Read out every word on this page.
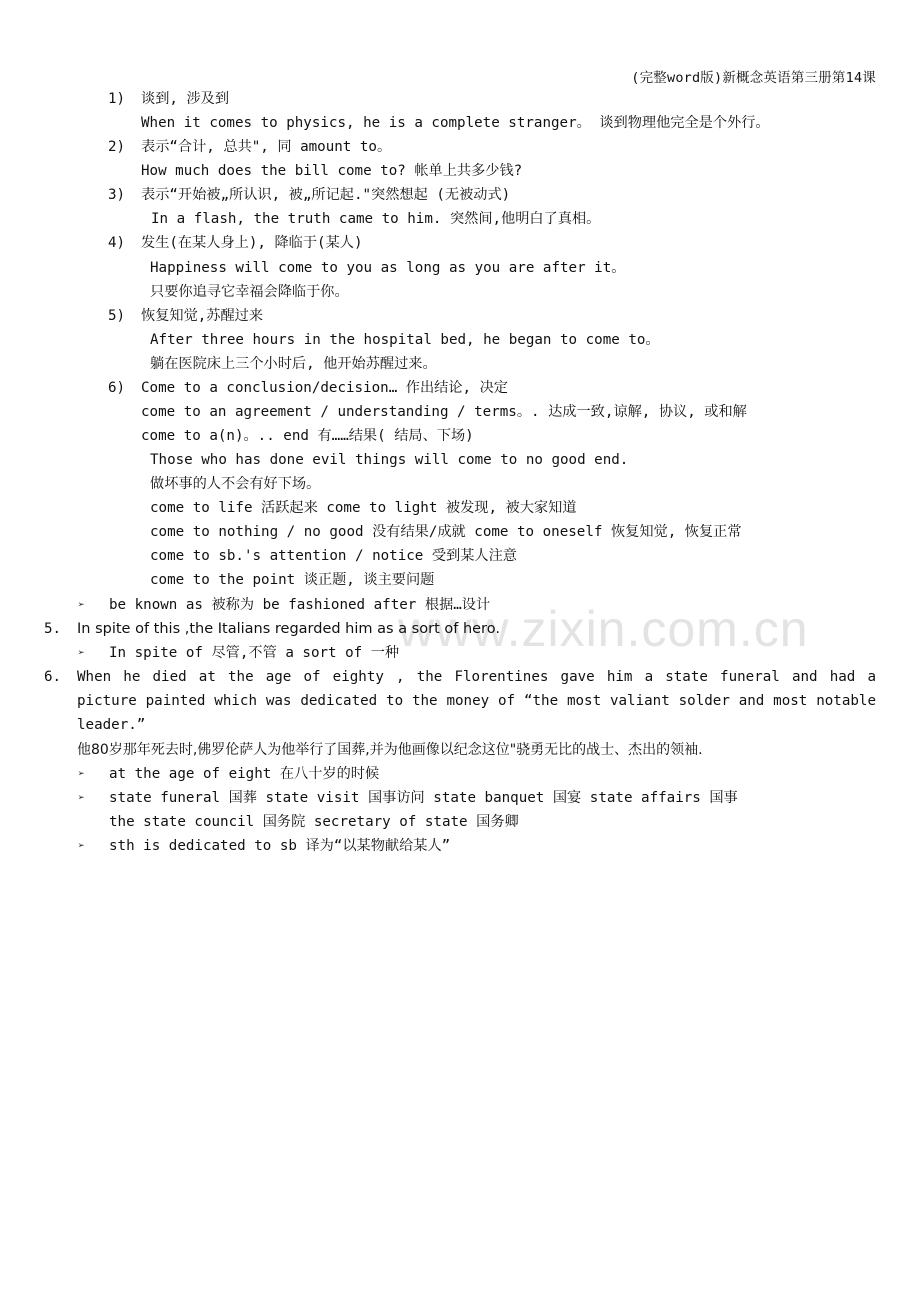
www.zixin.com.cn
(完整word版)新概念英语第三册第14课
1) 谈到, 涉及到
When it comes to physics, he is a complete stranger。 谈到物理他完全是个外行。
2) 表示“合计, 总共", 同 amount to。
How much does the bill come to? 帐单上共多少钱?
3) 表示“开始被„所认识, 被„所记起."突然想起 (无被动式)
In a flash, the truth came to him. 突然间,他明白了真相。
4) 发生(在某人身上), 降临于(某人)
Happiness will come to you as long as you are after it。
只要你追寻它幸福会降临于你。
5) 恢复知觉,苏醒过来
After three hours in the hospital bed, he began to come to。
躺在医院床上三个小时后, 他开始苏醒过来。
6) Come to a conclusion/decision… 作出结论, 决定
come to an agreement / understanding / terms。. 达成一致,谅解, 协议, 或和解
come to a(n)。.. end 有……结果( 结局、下场)
Those who has done evil things will come to no good end.
做坏事的人不会有好下场。
come to life 活跃起来 come to light 被发现, 被大家知道
come to nothing / no good 没有结果/成就 come to oneself 恢复知觉, 恢复正常
come to sb.'s attention / notice 受到某人注意
come to the point 谈正题, 谈主要问题
➢ be known as 被称为 be fashioned after 根据…设计
5. In spite of this ,the Italians regarded him as a sort of hero.
➢ In spite of 尽管,不管 a sort of 一种
6. When he died at the age of eighty , the Florentines gave him a state funeral and had a picture painted which was dedicated to the money of “the most valiant solder and most notable leader.”
他80岁那年死去时,佛罗伦萨人为他举行了国葬,并为他画像以纪念这位"骁勇无比的战士、杰出的领袖.
➢ at the age of eight 在八十岁的时候
➢ state funeral 国葬 state visit 国事访问 state banquet 国宴 state affairs 国事
the state council 国务院 secretary of state 国务卿
➢ sth is dedicated to sb 译为“以某物献给某人”
